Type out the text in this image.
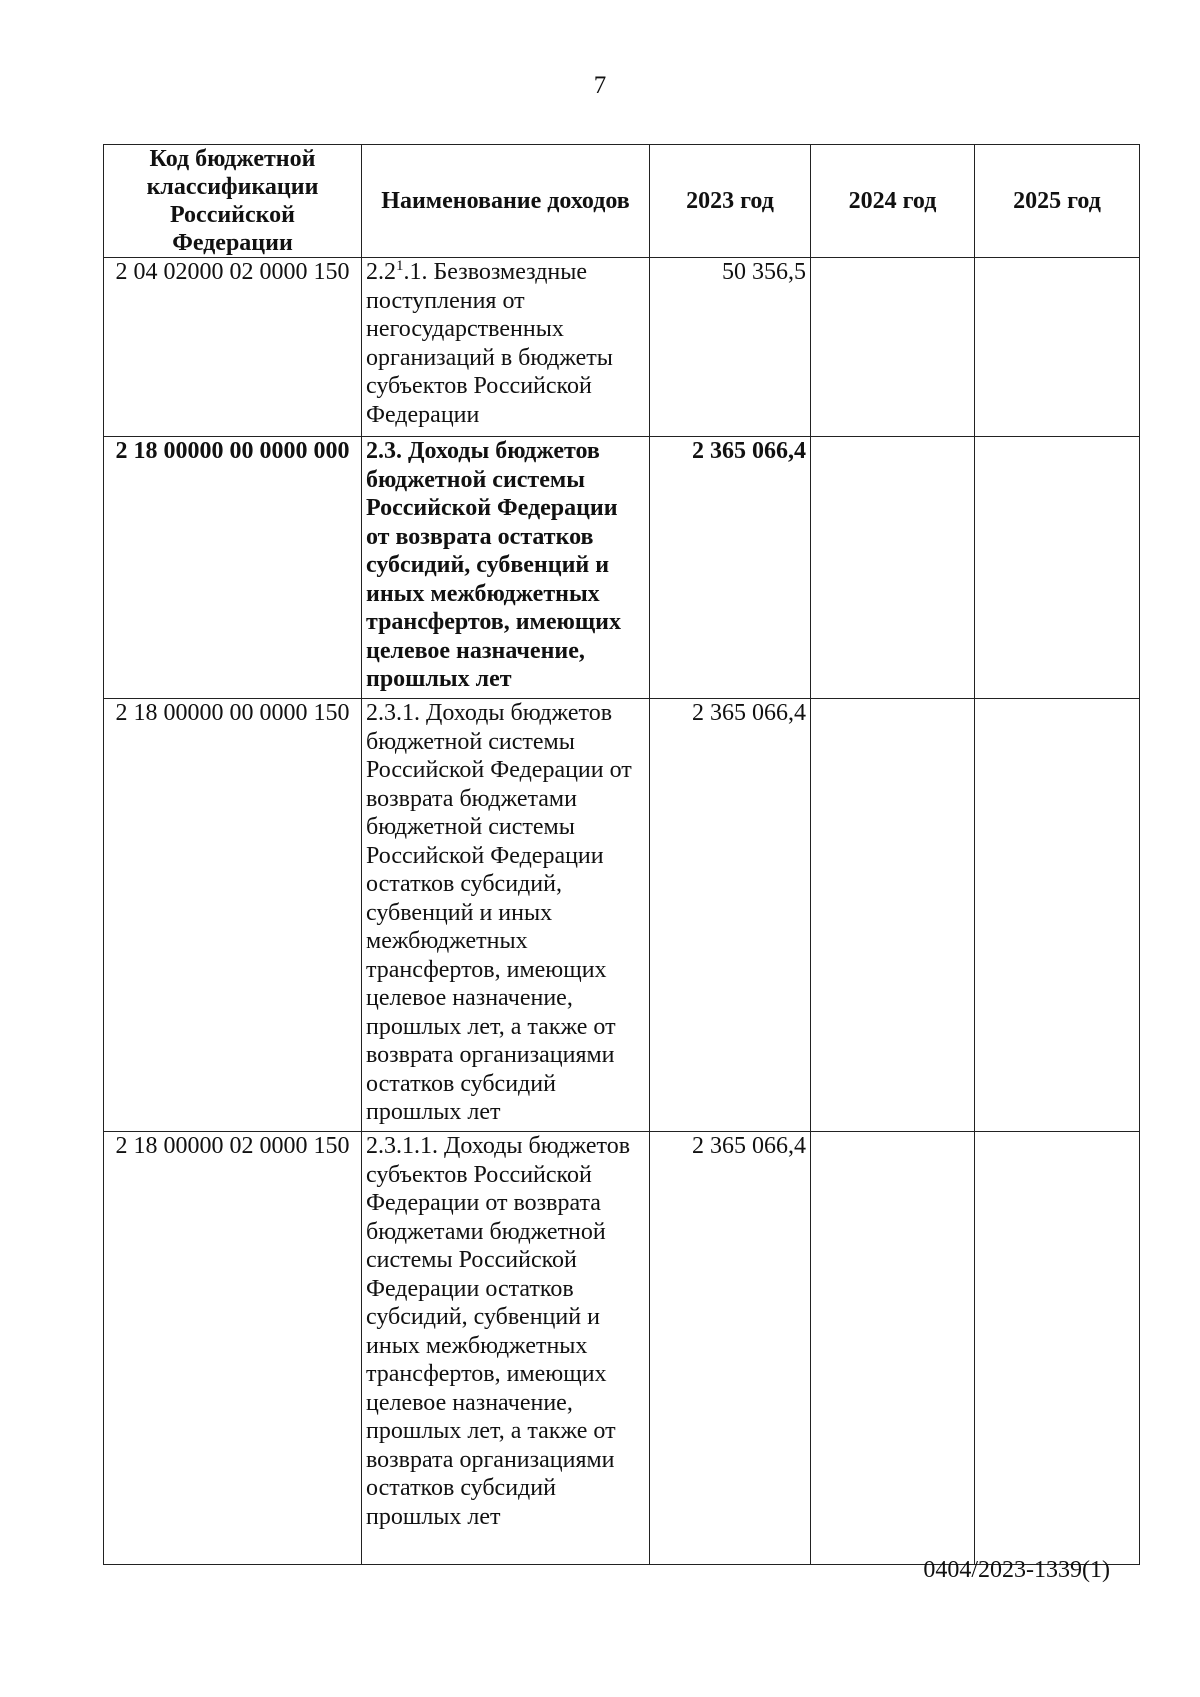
7
Код бюджетной классификации Российской Федерации	Наименование доходов	2023 год	2024 год	2025 год
2 04 02000 02 0000 150	$2.2^1.1$. Безвозмездные поступления от негосударственных организаций в бюджеты субъектов Российской Федерации	50 356,5		
2 18 00000 00 0000 000	2.3. Доходы бюджетов бюджетной системы Российской Федерации от возврата остатков субсидий, субвенций и иных межбюджетных трансфертов, имеющих целевое назначение, прошлых лет	2 365 066,4		
2 18 00000 00 0000 150	2.3.1. Доходы бюджетов бюджетной системы Российской Федерации от возврата бюджетами бюджетной системы Российской Федерации остатков субсидий, субвенций и иных межбюджетных трансфертов, имеющих целевое назначение, прошлых лет, а также от возврата организациями остатков субсидий прошлых лет	2 365 066,4		
2 18 00000 02 0000 150	2.3.1.1. Доходы бюджетов субъектов Российской Федерации от возврата бюджетами бюджетной системы Российской Федерации остатков субсидий, субвенций и иных межбюджетных трансфертов, имеющих целевое назначение, прошлых лет, а также от возврата организациями остатков субсидий прошлых лет	2 365 066,4		
0404/2023-1339(1)
